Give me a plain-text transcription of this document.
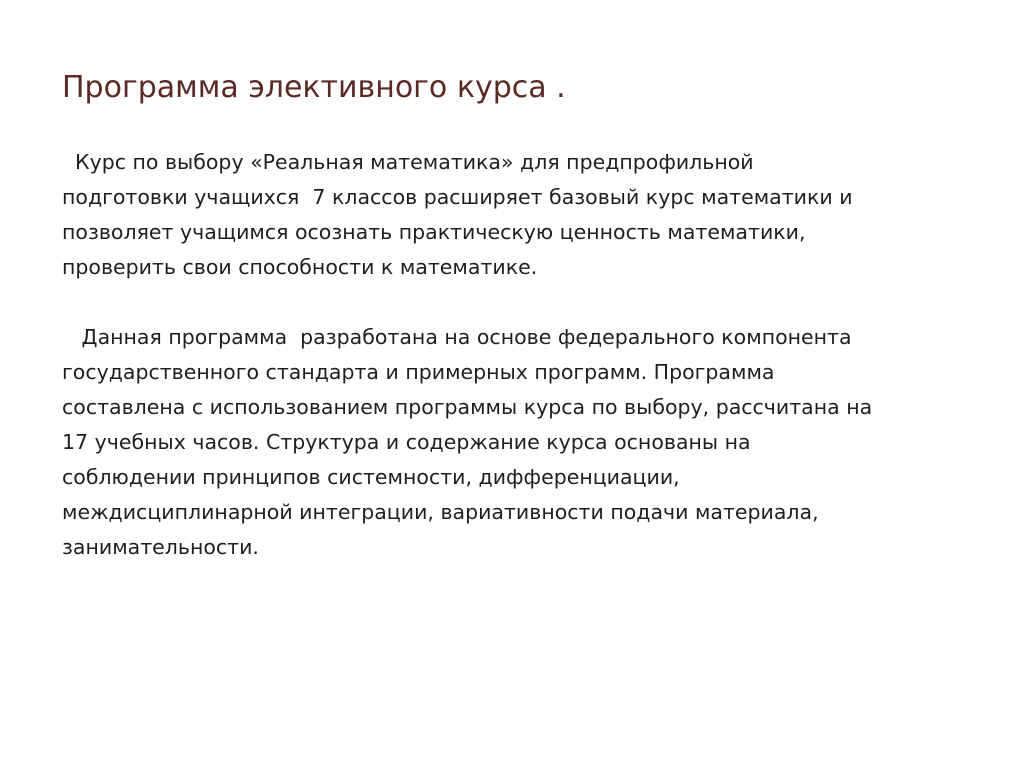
Программа элективного курса .
Курс по выбору «Реальная математика» для предпрофильной
подготовки учащихся  7 классов расширяет базовый курс математики и
позволяет учащимся осознать практическую ценность математики,
проверить свои способности к математике.
Данная программа  разработана на основе федерального компонента
государственного стандарта и примерных программ. Программа
составлена с использованием программы курса по выбору, рассчитана на
17 учебных часов. Структура и содержание курса основаны на
соблюдении принципов системности, дифференциации,
междисциплинарной интеграции, вариативности подачи материала,
занимательности.
